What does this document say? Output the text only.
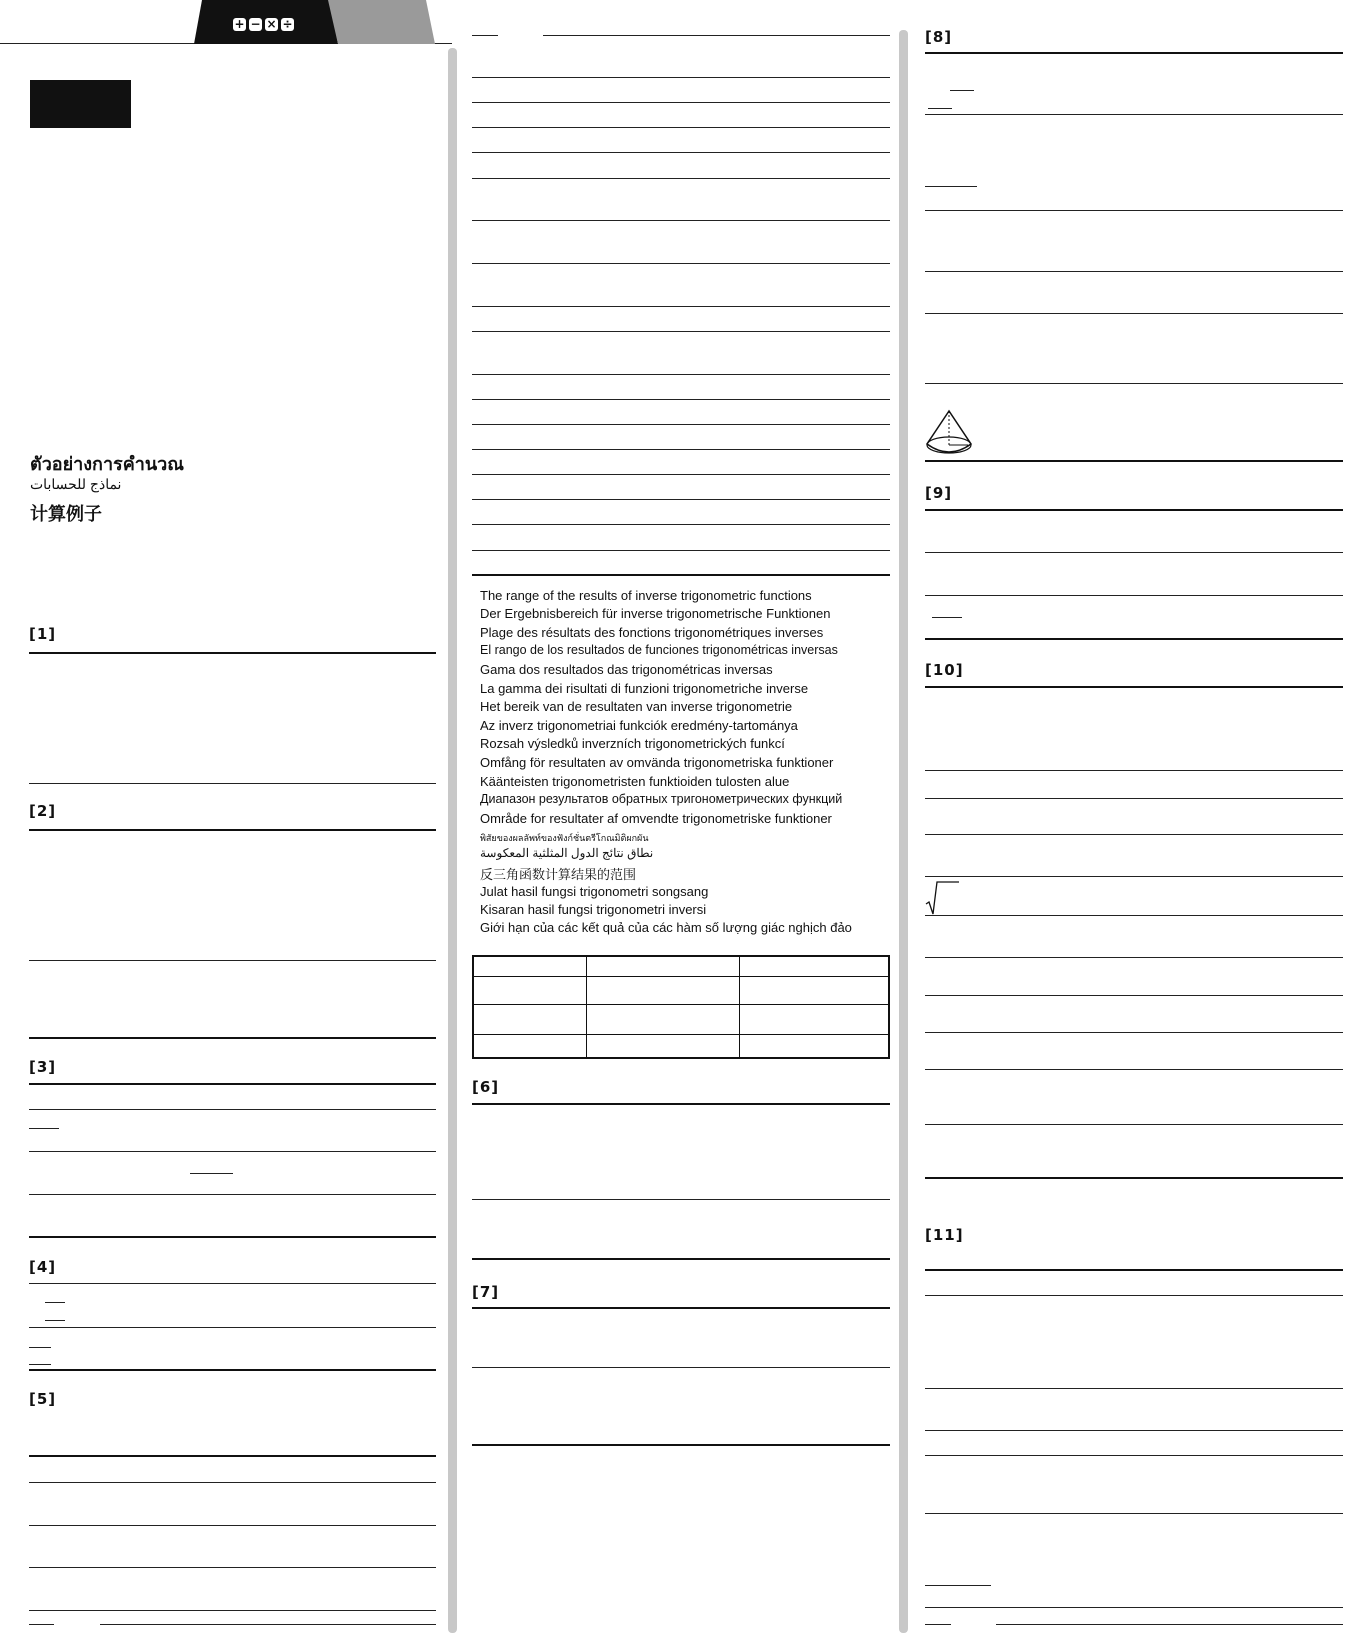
+ − × ÷
ตัวอย่างการคำนวณ
نماذج للحسابات
计算例子
[1]
[2]
[3]
[4]
[5]
The range of the results of inverse trigonometric functions
Der Ergebnisbereich für inverse trigonometrische Funktionen
Plage des résultats des fonctions trigonométriques inverses
El rango de los resultados de funciones trigonométricas inversas
Gama dos resultados das trigonométricas inversas
La gamma dei risultati di funzioni trigonometriche inverse
Het bereik van de resultaten van inverse trigonometrie
Az inverz trigonometriai funkciók eredmény-tartománya
Rozsah výsledků inverzních trigonometrických funkcí
Omfång för resultaten av omvända trigonometriska funktioner
Käänteisten trigonometristen funktioiden tulosten alue
Диапазон результатов обратных тригонометрических функций
Område for resultater af omvendte trigonometriske funktioner
พิสัยของผลลัพท์ของฟังก์ชั่นตรีโกณมิติผกผัน
نطاق نتائج الدول المثلثية المعكوسة
反三角函数计算结果的范围
Julat hasil fungsi trigonometri songsang
Kisaran hasil fungsi trigonometri inversi
Giới hạn của các kết quả của các hàm số lượng giác nghịch đảo

[6]
[7]
[8]
[9]
[10]
[11]
